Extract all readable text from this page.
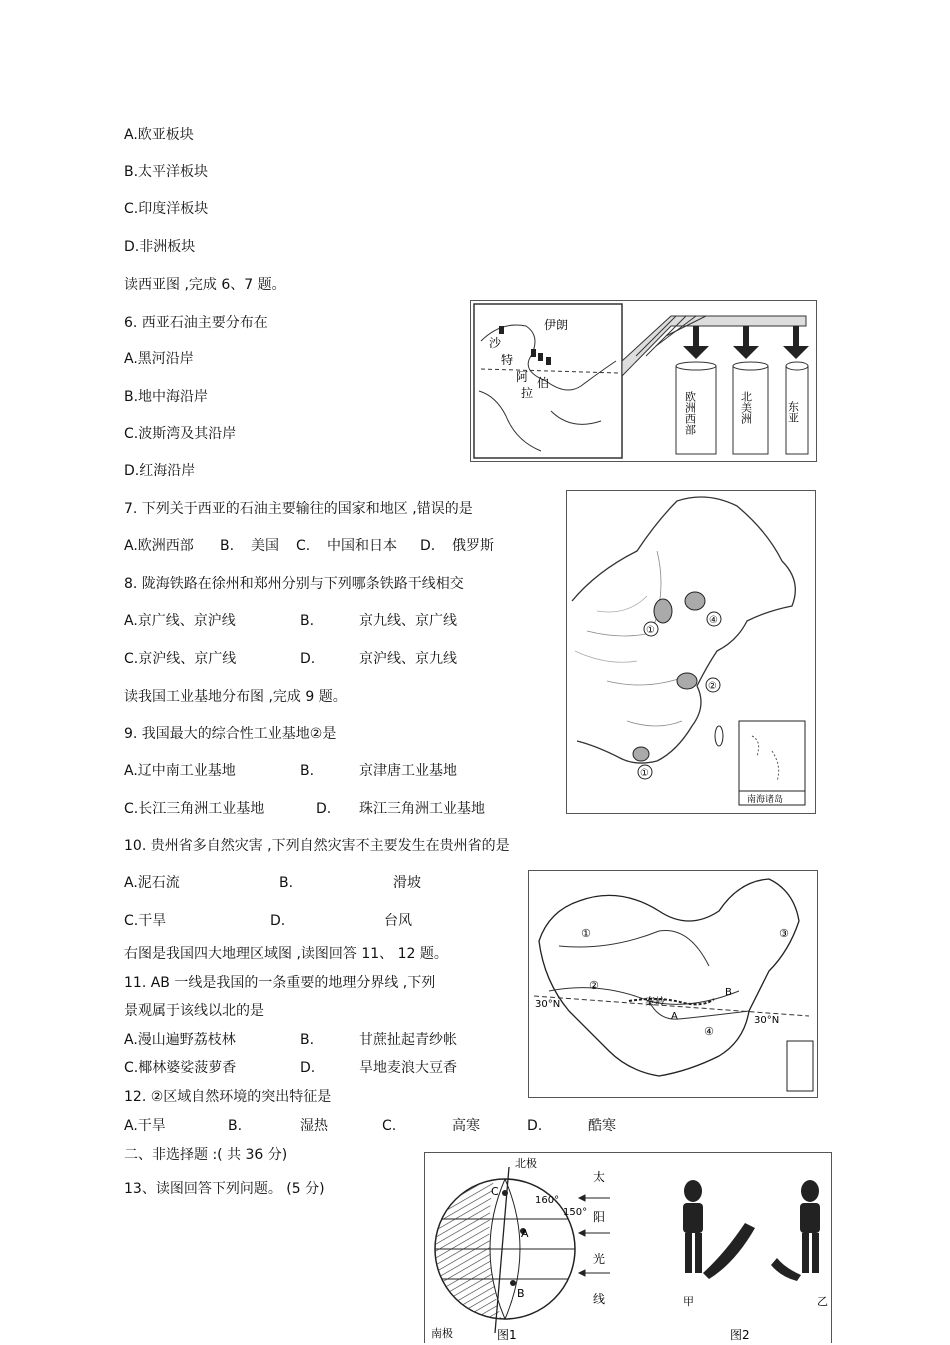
A.欧亚板块
B.太平洋板块
C.印度洋板块
D.非洲板块
读西亚图 ,完成 6、7 题。
6. 西亚石油主要分布在
A.黑河沿岸
B.地中海沿岸
C.波斯湾及其沿岸
D.红海沿岸
伊朗
沙
特
阿
拉
伯
欧洲西部	北美洲	东亚
7. 下列关于西亚的石油主要输往的国家和地区 ,错误的是
A.欧洲西部 B. 美国 C. 中国和日本 D. 俄罗斯
①
④
②
①
南海诸岛
8. 陇海铁路在徐州和郑州分别与下列哪条铁路干线相交
A.京广线、京沪线	B.	京九线、京广线
C.京沪线、京广线	D.	京沪线、京九线
读我国工业基地分布图 ,完成 9 题。
9. 我国最大的综合性工业基地②是
A.辽中南工业基地	B.	京津唐工业基地
C.长江三角洲工业基地	D. 珠江三角洲工业基地
10. 贵州省多自然灾害 ,下列自然灾害不主要发生在贵州省的是
A.泥石流	B.	滑坡
C.干旱	D.	台风
右图是我国四大地理区域图 ,读图回答 11、 12 题。
①
②
③
④
30°N
30°N
A
B
秦岭
11. AB 一线是我国的一条重要的地理分界线 ,下列
景观属于该线以北的是
A.漫山遍野荔枝林	B.	甘蔗扯起青纱帐
C.椰林婆娑菠萝香	D.	旱地麦浪大豆香
12. ②区域自然环境的突出特征是
A.干旱	B.	湿热	C.	高寒	D.	酷寒
二、非选择题 :( 共 36 分)
13、读图回答下列问题。 (5 分)
北极
南极
160°
150°
A
B
C
太
阳
光
线	甲	乙
图1	图2
